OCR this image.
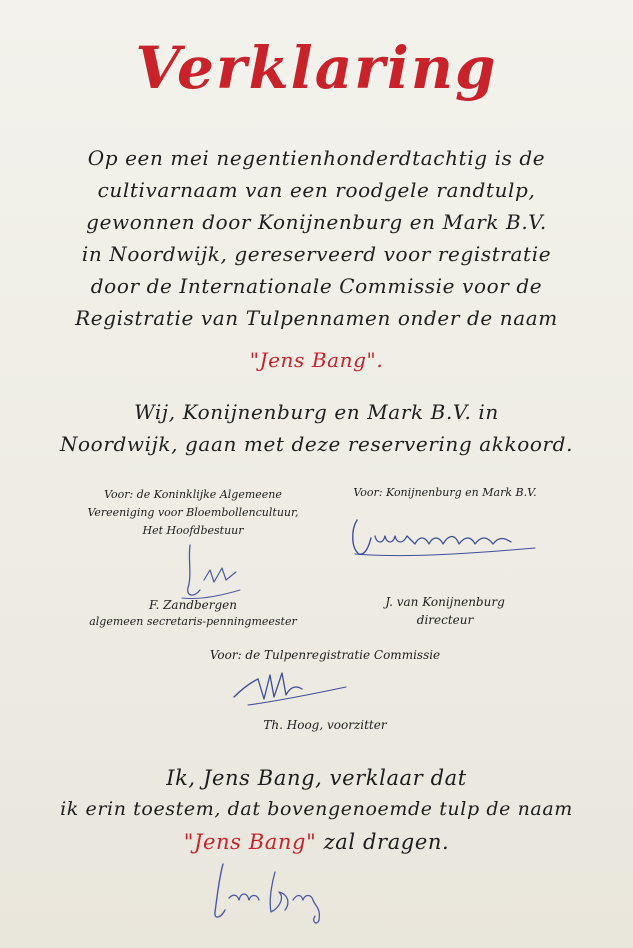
Verklaring
Op een mei negentienhonderdtachtig is de
cultivarnaam van een roodgele randtulp,
gewonnen door Konijnenburg en Mark B.V.
in Noordwijk, gereserveerd voor registratie
door de Internationale Commissie voor de
Registratie van Tulpennamen onder de naam
"Jens Bang".
Wij, Konijnenburg en Mark B.V. in
Noordwijk, gaan met deze reservering akkoord.
Voor: de Koninklijke Algemeene
Vereeniging voor Bloembollencultuur,
Het Hoofdbestuur
F. Zandbergen
algemeen secretaris-penningmeester
Voor: Konijnenburg en Mark B.V.
J. van Konijnenburg
directeur
Voor: de Tulpenregistratie Commissie
Th. Hoog, voorzitter
Ik, Jens Bang, verklaar dat
ik erin toestem, dat bovengenoemde tulp de naam
"Jens Bang" zal dragen.
